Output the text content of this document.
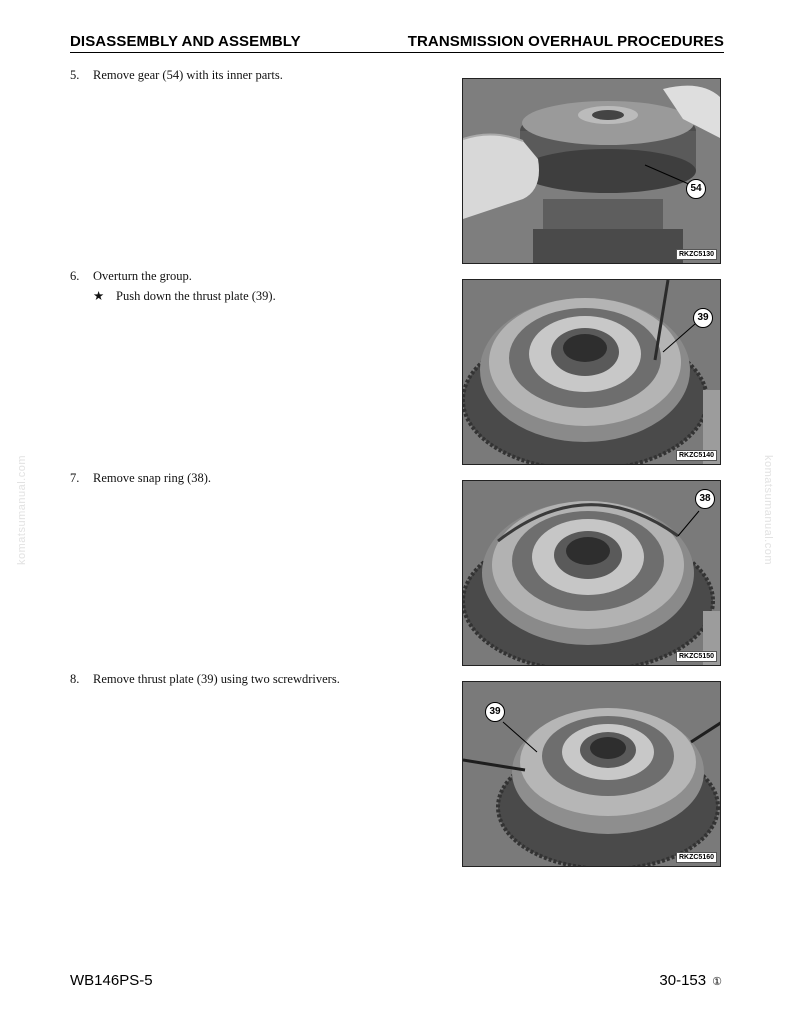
DISASSEMBLY AND ASSEMBLY	TRANSMISSION OVERHAUL PROCEDURES
5. Remove gear (54) with its inner parts.
6. Overturn the group.
★ Push down the thrust plate (39).
7. Remove snap ring (38).
8. Remove thrust plate (39) using two screwdrivers.
54
RKZC5130
39
RKZC5140
38
RKZC5150
39
RKZC5160
komatsumanual.com	komatsumanual.com
WB146PS-5	30-153 ①
